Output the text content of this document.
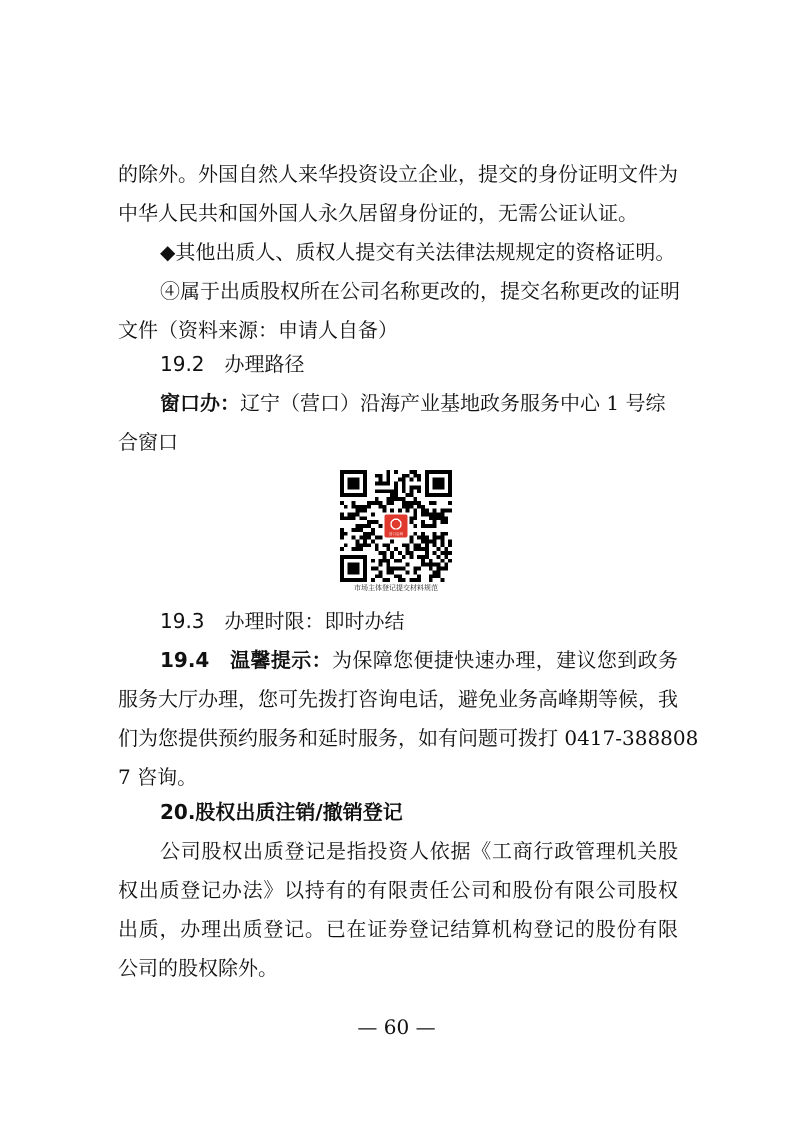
的除外。外国自然人来华投资设立企业，提交的身份证明文件为
中华人民共和国外国人永久居留身份证的，无需公证认证。
◆其他出质人、质权人提交有关法律法规规定的资格证明。
④属于出质股权所在公司名称更改的，提交名称更改的证明
文件（资料来源：申请人自备）
19.2　办理路径
窗口办：辽宁（营口）沿海产业基地政务服务中心 1 号综
合窗口
市场主体登记提交材料规范
19.3　办理时限：即时办结
19.4　温馨提示：为保障您便捷快速办理，建议您到政务
服务大厅办理，您可先拨打咨询电话，避免业务高峰期等候，我
们为您提供预约服务和延时服务，如有问题可拨打 0417-388808
7 咨询。
20.股权出质注销/撤销登记
公司股权出质登记是指投资人依据《工商行政管理机关股
权出质登记办法》以持有的有限责任公司和股份有限公司股权
出质，办理出质登记。已在证券登记结算机构登记的股份有限
公司的股权除外。
— 60 —
